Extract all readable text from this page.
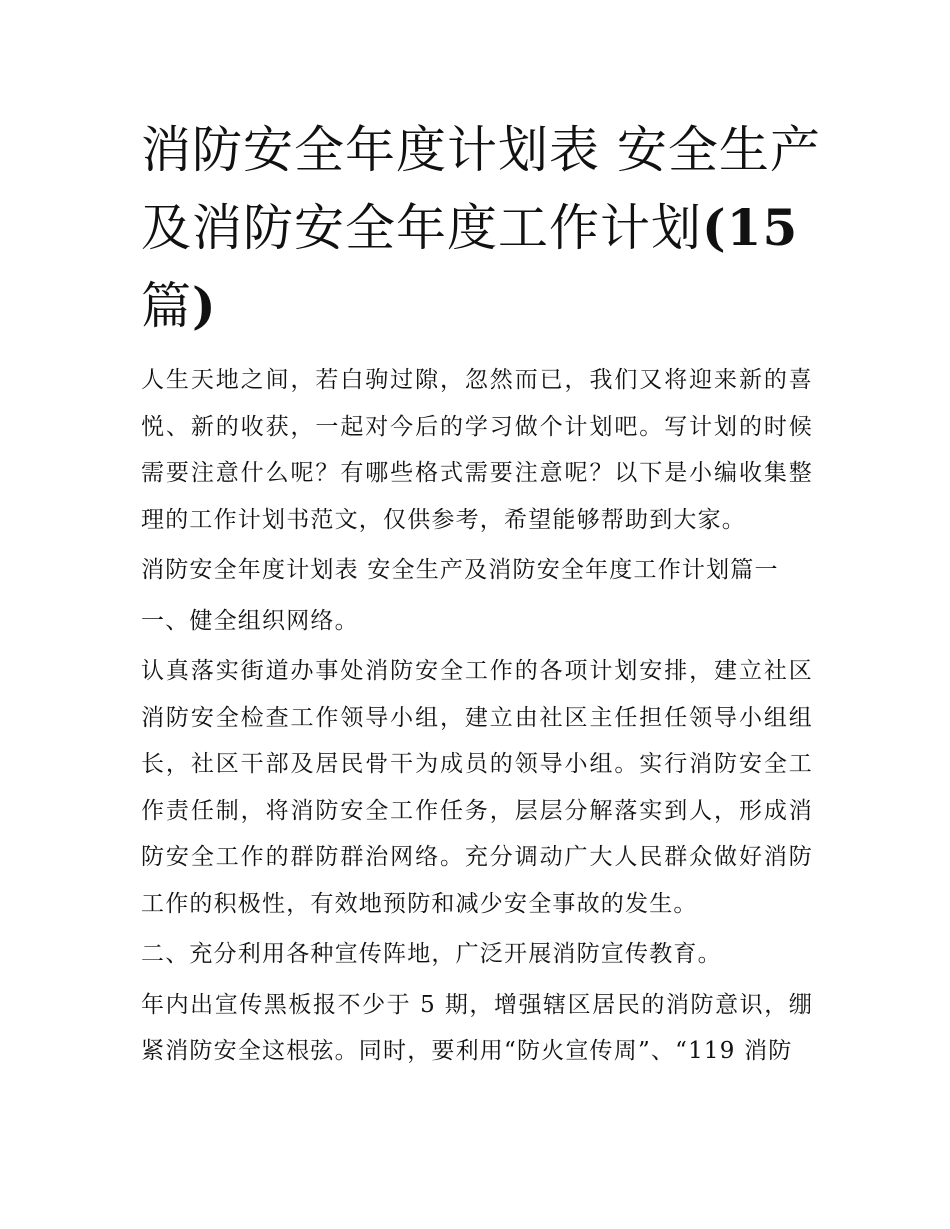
消防安全年度计划表 安全生产
及消防安全年度工作计划(15
篇)

人生天地之间，若白驹过隙，忽然而已，我们又将迎来新的喜悦、新的收获，一起对今后的学习做个计划吧。写计划的时候需要注意什么呢？有哪些格式需要注意呢？以下是小编收集整理的工作计划书范文，仅供参考，希望能够帮助到大家。

消防安全年度计划表 安全生产及消防安全年度工作计划篇一

一、健全组织网络。

认真落实街道办事处消防安全工作的各项计划安排，建立社区消防安全检查工作领导小组，建立由社区主任担任领导小组组长，社区干部及居民骨干为成员的领导小组。实行消防安全工作责任制，将消防安全工作任务，层层分解落实到人，形成消防安全工作的群防群治网络。充分调动广大人民群众做好消防工作的积极性，有效地预防和减少安全事故的发生。

二、充分利用各种宣传阵地，广泛开展消防宣传教育。

年内出宣传黑板报不少于 5 期，增强辖区居民的消防意识，绷紧消防安全这根弦。同时，要利用“防火宣传周”、“119 消防
